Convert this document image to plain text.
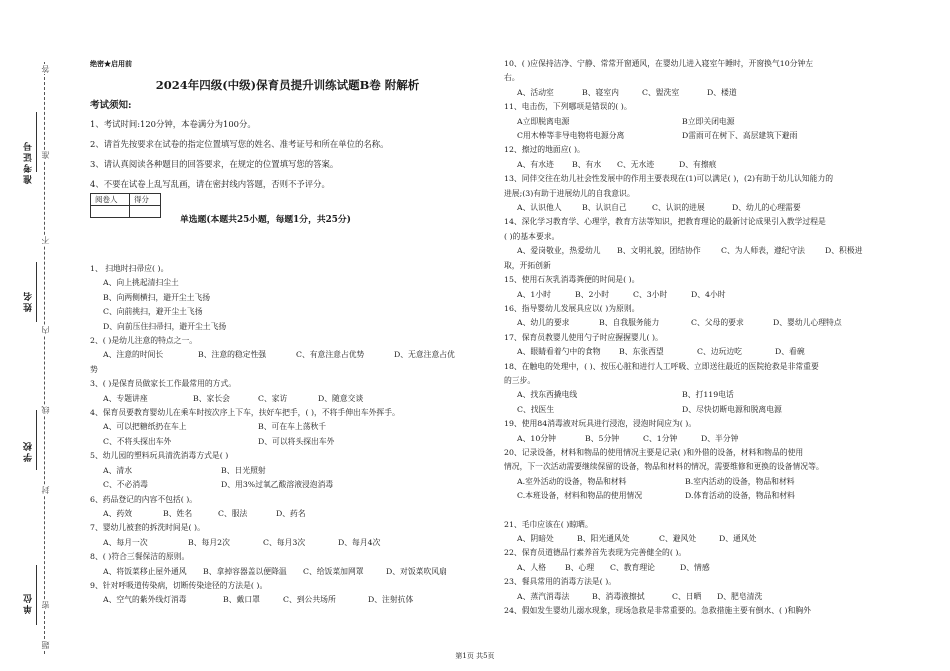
准考证号
姓名
学校
单位 密
封
线
内
不
准
答
题
绝密★启用前
2024年四级(中级)保育员提升训练试题B卷 附解析
考试须知:
1、考试时间:120分钟，本卷满分为100分。
2、请首先按要求在试卷的指定位置填写您的姓名、准考证号和所在单位的名称。
3、请认真阅读各种题目的回答要求，在规定的位置填写您的答案。
4、不要在试卷上乱写乱画，请在密封线内答题，否则不予评分。
阅卷人	得分

单选题(本题共25小题，每题1分，共25分)
1、 扫地时扫帚应( )。
A、向上挑起清扫尘土
B、向两侧横扫，避开尘土飞扬
C、向前挑扫，避开尘土飞扬
D、向前压住扫帚扫，避开尘土飞扬
2、( )是幼儿注意的特点之一。
A、注意的时间长	B、注意的稳定性强	C、有意注意占优势	D、无意注意占优
势
3、( )是保育员做家长工作最常用的方式。
A、专题讲座	B、家长会	C、家访	D、随意交谈
4、保育员要教育婴幼儿在乘车时按次序上下车，扶好车把手，( )，不将手伸出车外挥手。
A、可以把糖纸扔在车上	B、可在车上荡秋千
C、不将头探出车外	D、可以将头探出车外
5、幼儿园的塑料玩具清洗消毒方式是( )
A、清水	B、日光照射
C、不必消毒	D、用3%过氧乙酸溶液浸泡消毒
6、药品登记的内容不包括( )。
A、药效	B、姓名	C、服法	D、药名
7、婴幼儿被套的拆洗时间是( )。
A、每月一次	B、每月2次	C、每月3次	D、每月4次
8、( )符合三餐保洁的原则。
A、将饭菜移止屋外通风	B、拿掉容器盖以便降温	C、给饭菜加网罩	D、对饭菜吹风扇
9、针对呼吸道传染病，切断传染途径的方法是( )。
A、空气的紫外线灯消毒	B、戴口罩	C、到公共场所	D、注射抗体
10、( )应保持洁净、宁静、常常开窗通风，在婴幼儿进入寝室午睡时，开窗换气10分钟左
右。
A、活动室	B、寝室内	C、盥洗室	D、楼道
11、电击伤，下列哪项是错误的( )。
A立即脱离电源	B立即关闭电源
C用木棒等非导电物将电源分离	D雷雨可在树下、高层建筑下避雨
12、擦过的地面应( )。
A、有水迹	B、有水	C、无水迹	D、有擦痕
13、同伴交往在幼儿社会性发展中的作用主要表现在(1)可以满足( )，(2)有助于幼儿认知能力的
进展;(3)有助于进展幼儿的自我意识。
A、认识他人	B、认识自己	C、认识的进展	D、幼儿的心理需要
14、深化学习教育学、心理学，教育方法等知识，把教育理论的最新讨论成果引入教学过程是
( )的基本要求。
A、爱岗敬业，热爱幼儿	B、文明礼貌，团结协作	C、为人师表，遵纪守法	D、积极进
取，开拓创新
15、使用石灰乳消毒粪便的时间是( )。
A、1小时	B、2小时	C、3小时	D、4小时
16、指导婴幼儿发展具应以( )为原则。
A、幼儿的要求	B、自我服务能力	C、父母的要求	D、婴幼儿心理特点
17、保育员教婴儿使用勺子时应握握婴儿( )。
A、眼睛看着勺中的食物	B、东张西望	C、边玩边吃	D、看碗
18、在触电的处理中，( )、按压心脏和进行人工呼吸、立即送往最近的医院抢救是非常重要
的三步。
A、找东西撬电线	B、打119电话
C、找医生	D、尽快切断电源和脱离电源
19、使用84消毒液对玩具进行浸泡，浸泡时间应为( )。
A、10分钟	B、5分钟	C、1分钟	D、半分钟
20、记录设备，材料和物品的使用情况主要是记录( )和外借的设备，材料和物品的使用
情况，下一次活动需要继续保留的设备，物品和材料的情况，需要维修和更换的设备情况等。
A.室外活动的设备，物品和材料	B.室内活动的设备，物品和材料
C.本班设备，材料和物品的使用情况	D.体育活动的设备，物品和材料
21、毛巾应该在( )晾晒。
A、阴暗处	B、阳光通风处	C、避风处	D、通风处
22、保育员道德品行素养首先表现为完善健全的( )。
A、人格	B、心理	C、教育理论	D、情感
23、餐具常用的消毒方法是( )。
A、蒸汽消毒法	B、消毒液擦拭	C、日晒	D、肥皂清洗
24、假如发生婴幼儿溺水现象，现场急救是非常重要的。急救措施主要有倒水、( )和胸外
第1页 共5页
